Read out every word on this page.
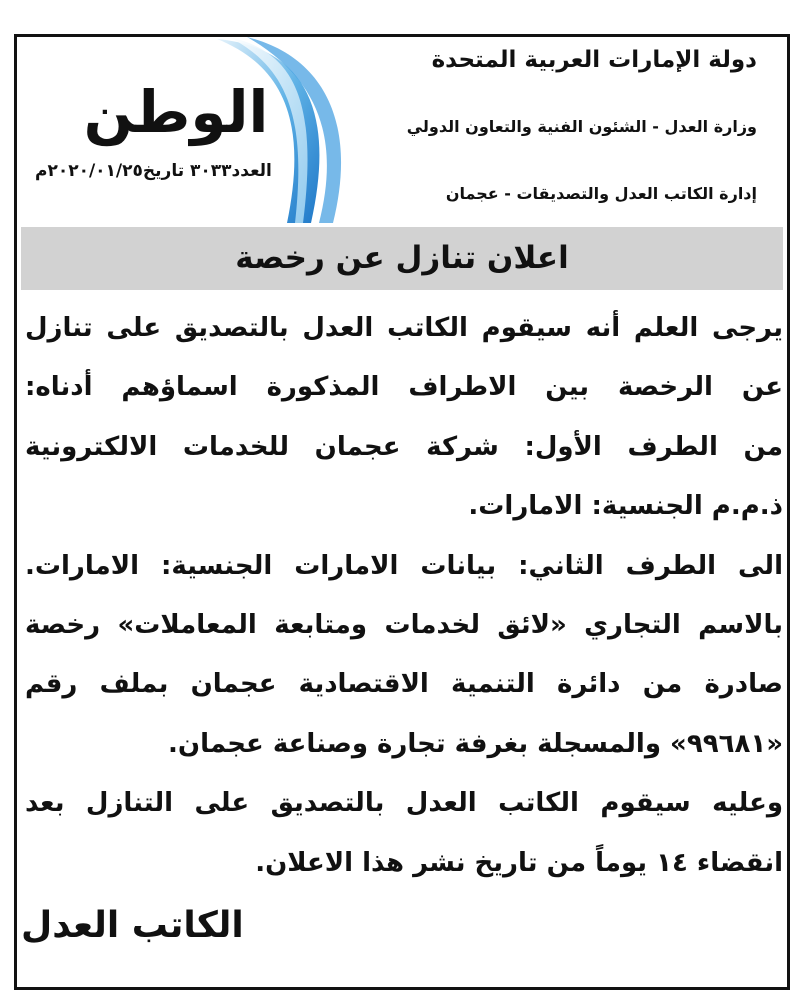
دولة الإمارات العربية المتحدة
وزارة العدل - الشئون الفنية والتعاون الدولي
إدارة الكاتب العدل والتصديقات - عجمان
الوطن
العدد٣٠٣٣ تاريخ٢٠٢٠/٠١/٢٥م
اعلان تنازل عن رخصة
يرجى العلم أنه سيقوم الكاتب العدل بالتصديق على تنازل
عن الرخصة بين الاطراف المذكورة اسماؤهم أدناه:
من الطرف الأول: شركة عجمان للخدمات الالكترونية
ذ.م.م الجنسية: الامارات.
الى الطرف الثاني: بيانات الامارات الجنسية: الامارات.
بالاسم التجاري «لائق لخدمات ومتابعة المعاملات» رخصة
صادرة من دائرة التنمية الاقتصادية عجمان بملف رقم
«٩٩٦٨١» والمسجلة بغرفة تجارة وصناعة عجمان.
وعليه سيقوم الكاتب العدل بالتصديق على التنازل بعد
انقضاء ١٤ يوماً من تاريخ نشر هذا الاعلان.
الكاتب العدل
